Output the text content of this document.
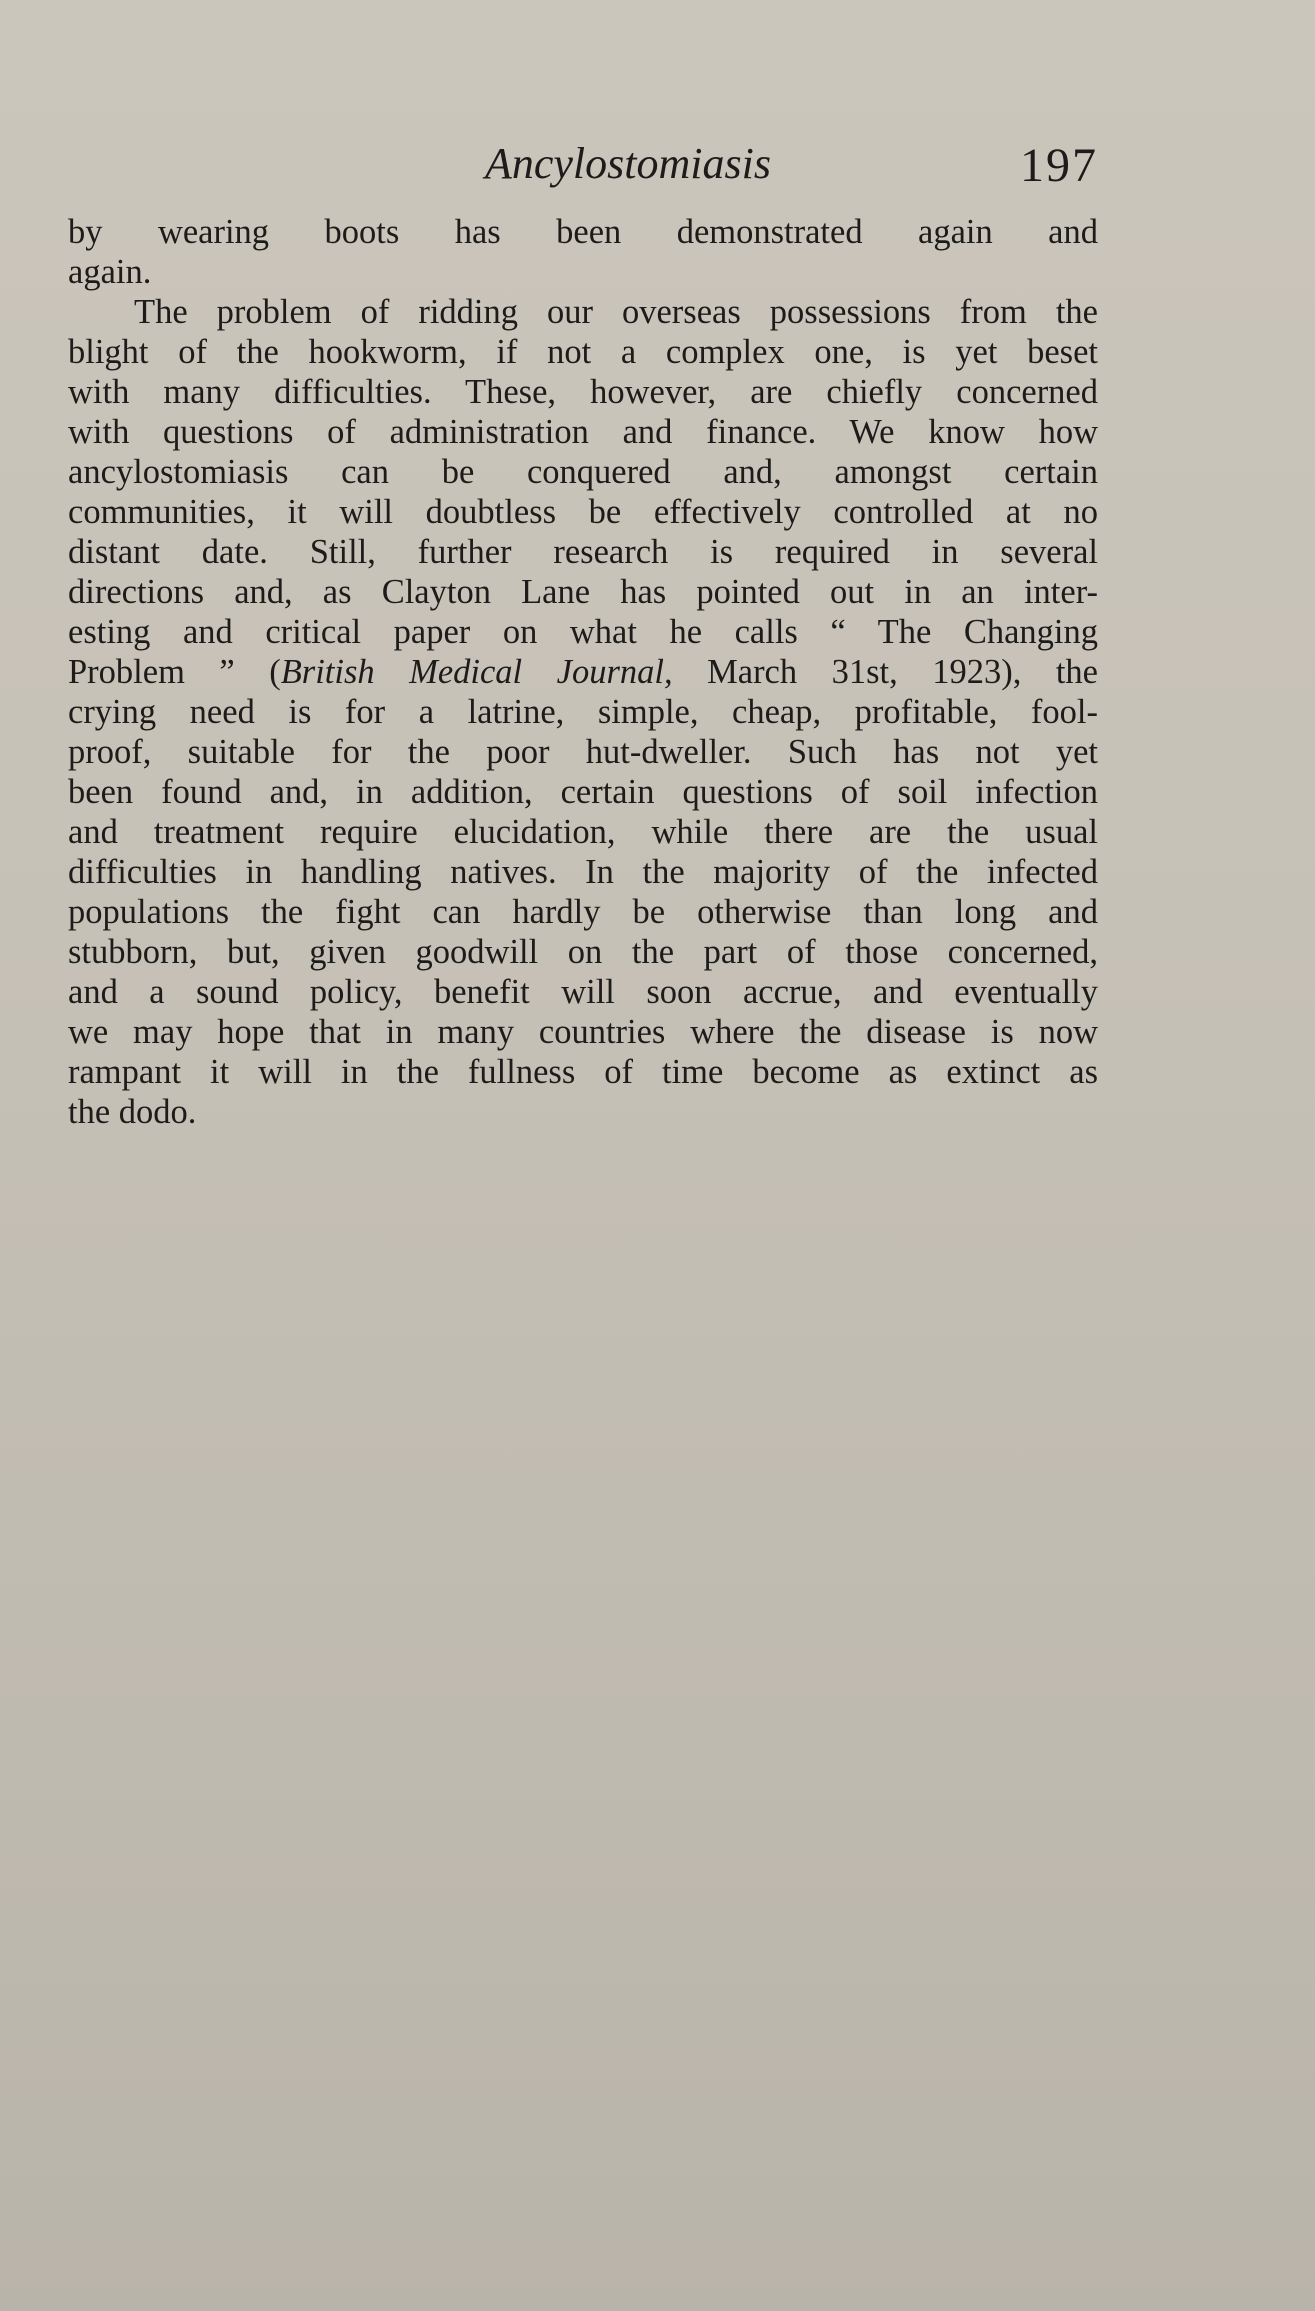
Ancylostomiasis	197
by wearing boots has been demonstrated again and
again.
The problem of ridding our overseas possessions from the
blight of the hookworm, if not a complex one, is yet beset
with many difficulties. These, however, are chiefly concerned
with questions of administration and finance. We know how
ancylostomiasis can be conquered and, amongst certain
communities, it will doubtless be effectively controlled at no
distant date. Still, further research is required in several
directions and, as Clayton Lane has pointed out in an inter-
esting and critical paper on what he calls “ The Changing
Problem ” (British Medical Journal, March 31st, 1923), the
crying need is for a latrine, simple, cheap, profitable, fool-
proof, suitable for the poor hut-dweller. Such has not yet
been found and, in addition, certain questions of soil infection
and treatment require elucidation, while there are the usual
difficulties in handling natives. In the majority of the infected
populations the fight can hardly be otherwise than long and
stubborn, but, given goodwill on the part of those concerned,
and a sound policy, benefit will soon accrue, and eventually
we may hope that in many countries where the disease is now
rampant it will in the fullness of time become as extinct as
the dodo.
